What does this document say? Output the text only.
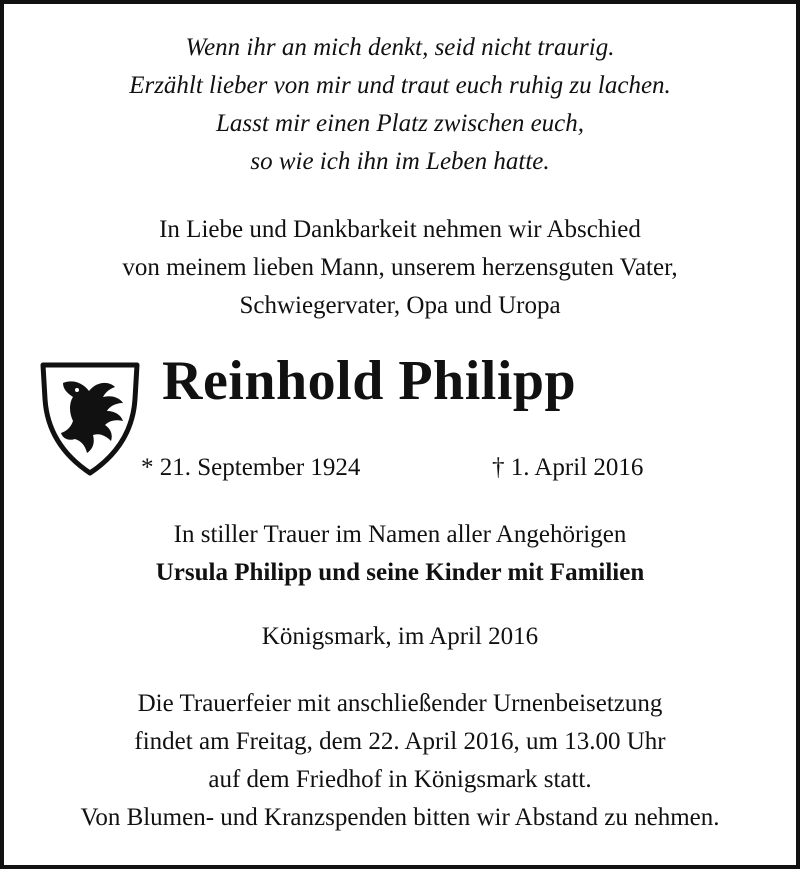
Wenn ihr an mich denkt, seid nicht traurig.
Erzählt lieber von mir und traut euch ruhig zu lachen.
Lasst mir einen Platz zwischen euch,
so wie ich ihn im Leben hatte.
In Liebe und Dankbarkeit nehmen wir Abschied
von meinem lieben Mann, unserem herzensguten Vater,
Schwiegervater, Opa und Uropa
Reinhold Philipp
* 21. September 1924	† 1. April 2016
In stiller Trauer im Namen aller Angehörigen
Ursula Philipp und seine Kinder mit Familien
Königsmark, im April 2016
Die Trauerfeier mit anschließender Urnenbeisetzung
findet am Freitag, dem 22. April 2016, um 13.00 Uhr
auf dem Friedhof in Königsmark statt.
Von Blumen- und Kranzspenden bitten wir Abstand zu nehmen.
